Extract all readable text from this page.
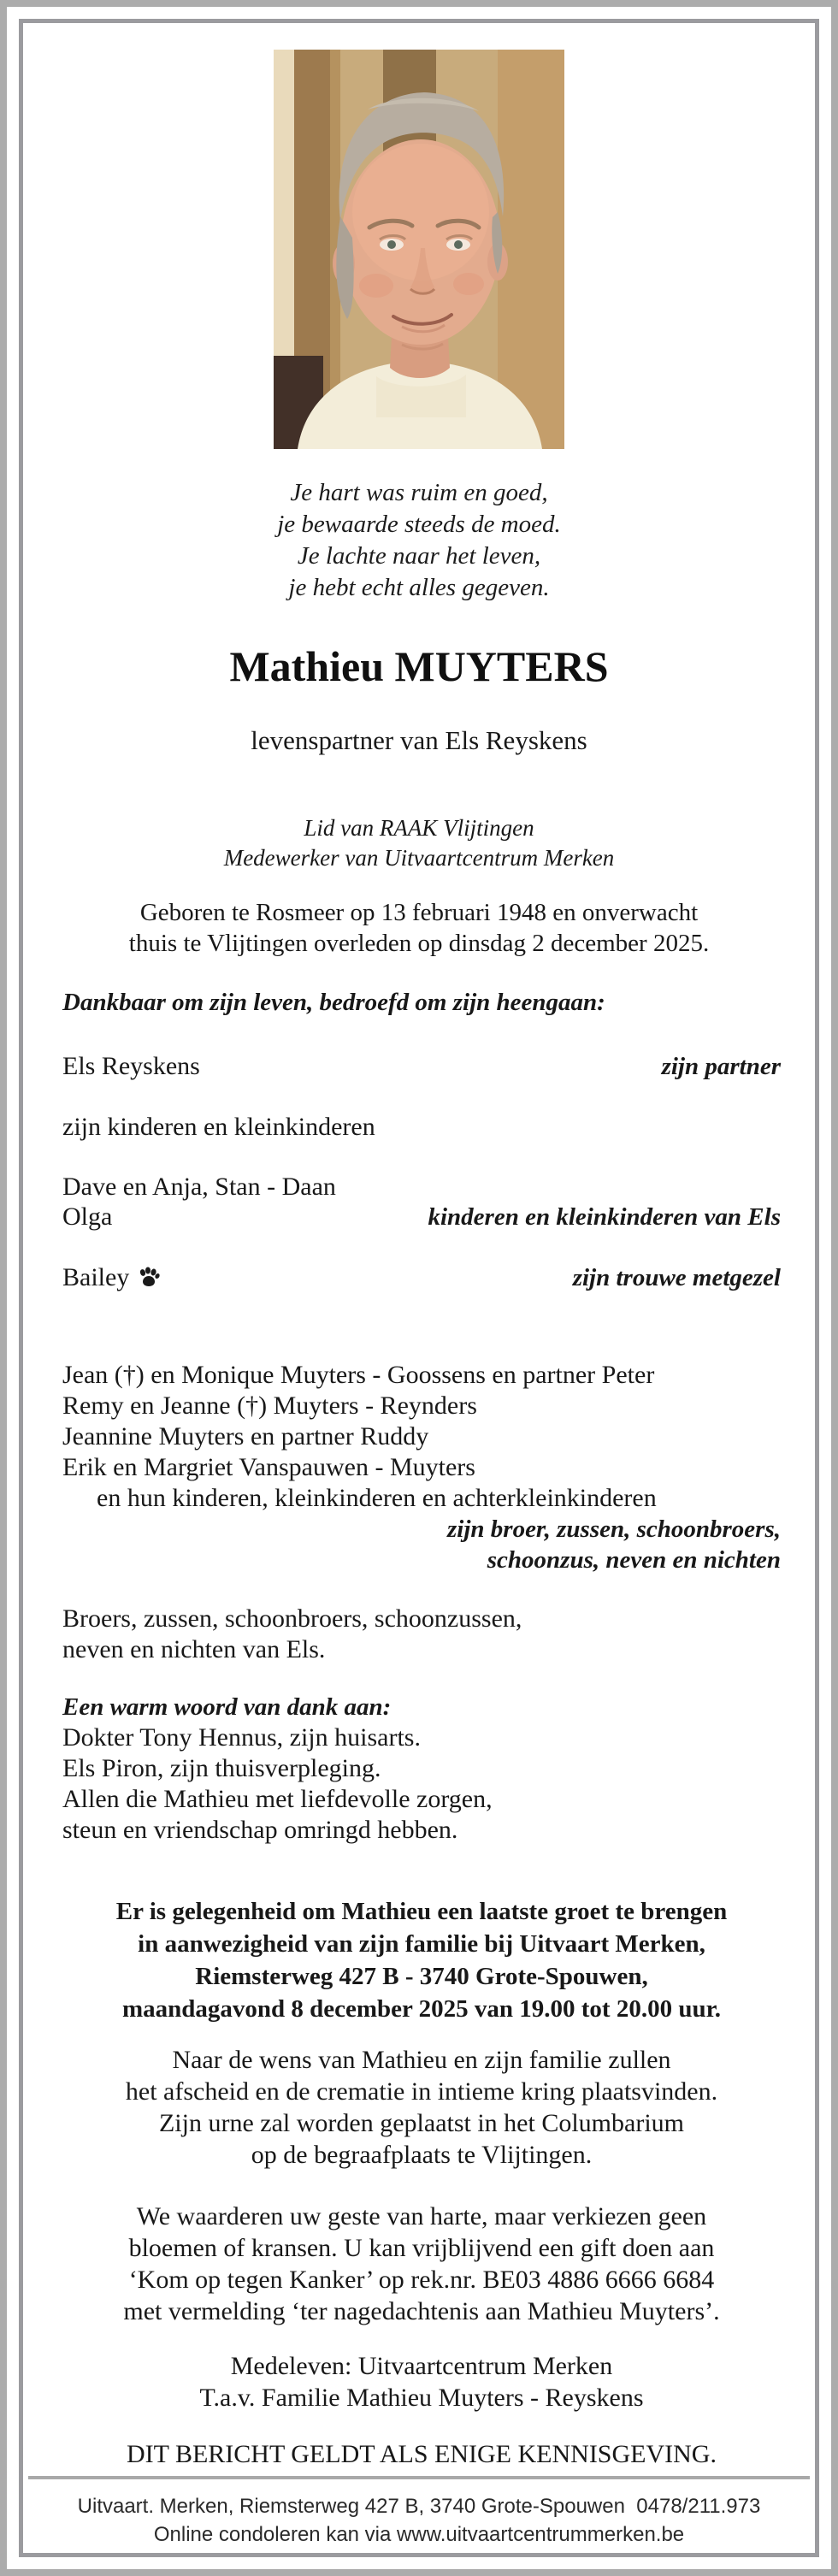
Je hart was ruim en goed,
je bewaarde steeds de moed.
Je lachte naar het leven,
je hebt echt alles gegeven.
Mathieu MUYTERS
levenspartner van Els Reyskens
Lid van RAAK Vlijtingen
Medewerker van Uitvaartcentrum Merken
Geboren te Rosmeer op 13 februari 1948 en onverwacht
thuis te Vlijtingen overleden op dinsdag 2 december 2025.
Dankbaar om zijn leven, bedroefd om zijn heengaan:
Els Reyskens	zijn partner
zijn kinderen en kleinkinderen
Dave en Anja, Stan - Daan
Olga	kinderen en kleinkinderen van Els
Bailey	zijn trouwe metgezel
Jean (†) en Monique Muyters - Goossens en partner Peter
Remy en Jeanne (†) Muyters - Reynders
Jeannine Muyters en partner Ruddy
Erik en Margriet Vanspauwen - Muyters
en hun kinderen, kleinkinderen en achterkleinkinderen
zijn broer, zussen, schoonbroers,
schoonzus, neven en nichten
Broers, zussen, schoonbroers, schoonzussen,
neven en nichten van Els.
Een warm woord van dank aan:
Dokter Tony Hennus, zijn huisarts.
Els Piron, zijn thuisverpleging.
Allen die Mathieu met liefdevolle zorgen,
steun en vriendschap omringd hebben.
Er is gelegenheid om Mathieu een laatste groet te brengen
in aanwezigheid van zijn familie bij Uitvaart Merken,
Riemsterweg 427 B - 3740 Grote-Spouwen,
maandagavond 8 december 2025 van 19.00 tot 20.00 uur.
Naar de wens van Mathieu en zijn familie zullen
het afscheid en de crematie in intieme kring plaatsvinden.
Zijn urne zal worden geplaatst in het Columbarium
op de begraafplaats te Vlijtingen.
We waarderen uw geste van harte, maar verkiezen geen
bloemen of kransen. U kan vrijblijvend een gift doen aan
‘Kom op tegen Kanker’ op rek.nr. BE03 4886 6666 6684
met vermelding ‘ter nagedachtenis aan Mathieu Muyters’.
Medeleven: Uitvaartcentrum Merken
T.a.v. Familie Mathieu Muyters - Reyskens
DIT BERICHT GELDT ALS ENIGE KENNISGEVING.
Uitvaart. Merken, Riemsterweg 427 B, 3740 Grote-Spouwen  0478/211.973
Online condoleren kan via www.uitvaartcentrummerken.be
